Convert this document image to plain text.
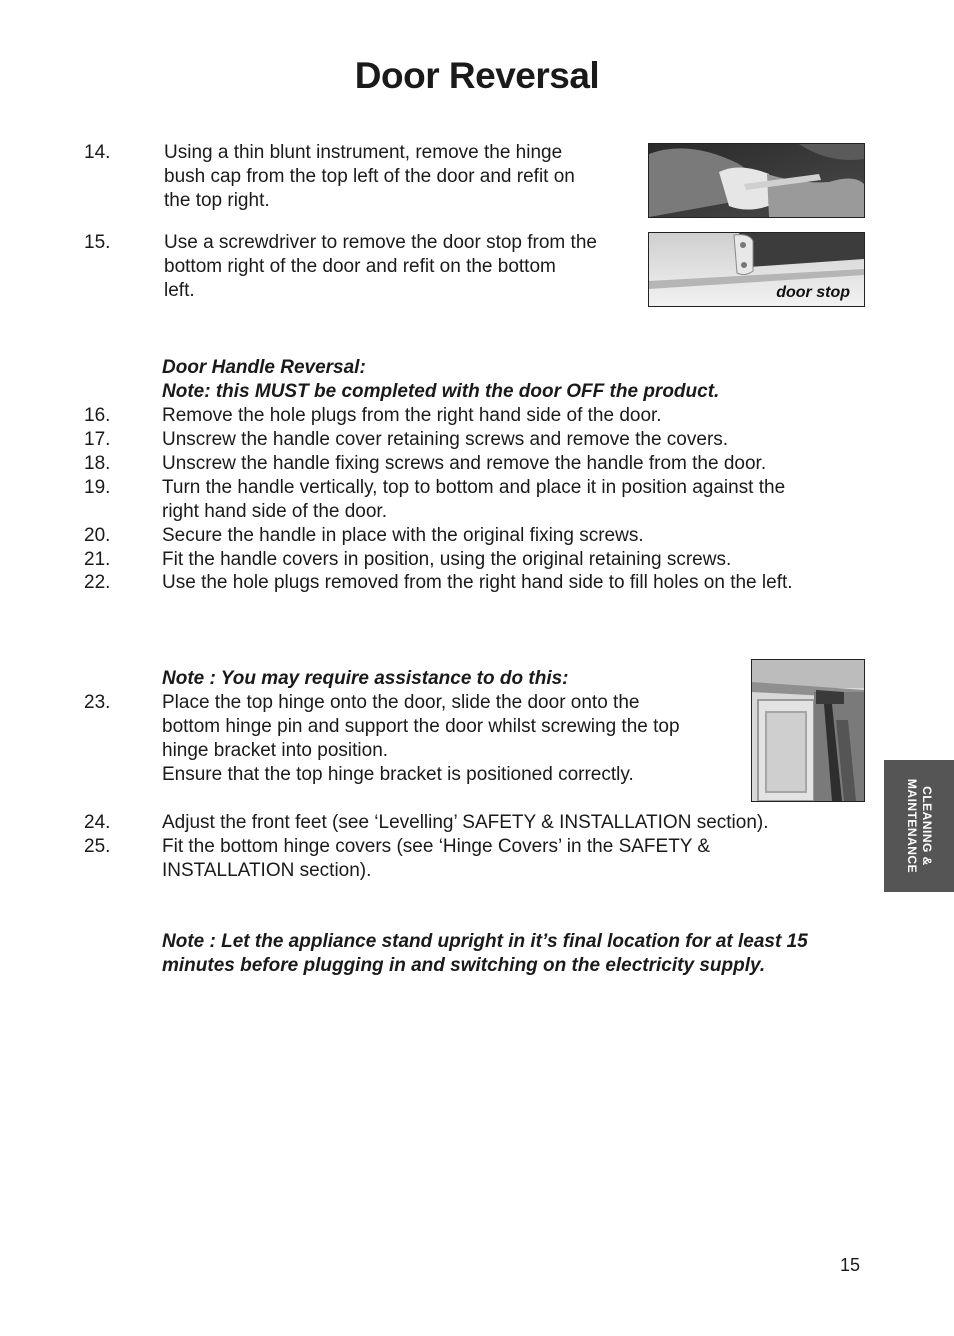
Door Reversal
14.	Using a thin blunt instrument, remove the hinge
bush cap from the top left of the door and refit on
the top right.
15.	Use a screwdriver to remove the door stop from the
bottom right of the door and refit on the bottom
left.	door stop
Door Handle Reversal:
Note: this MUST be completed with the door OFF the product.
16.	Remove the hole plugs from the right hand side of the door.
17.	Unscrew the handle cover retaining screws and remove the covers.
18.	Unscrew the handle fixing screws and remove the handle from the door.
19.	Turn the handle vertically, top to bottom and place it in position against the
right hand side of the door.
20.	Secure the handle in place with the original fixing screws.
21.	Fit the handle covers in position, using the original retaining screws.
22.	Use the hole plugs removed from the right hand side to fill holes on the left.
Note : You may require assistance to do this:
23.	Place the top hinge onto the door, slide the door onto the
bottom hinge pin and support the door whilst screwing the top
hinge bracket into position.
Ensure that the top hinge bracket is positioned correctly.
24.	Adjust the front feet (see ‘Levelling’ SAFETY & INSTALLATION section).
25.	Fit the bottom hinge covers (see ‘Hinge Covers’ in the SAFETY &
INSTALLATION section).
Note : Let the appliance stand upright in it’s final location for at least 15
minutes before plugging in and switching on the electricity supply.
CLEANING &
MAINTENANCE
15
